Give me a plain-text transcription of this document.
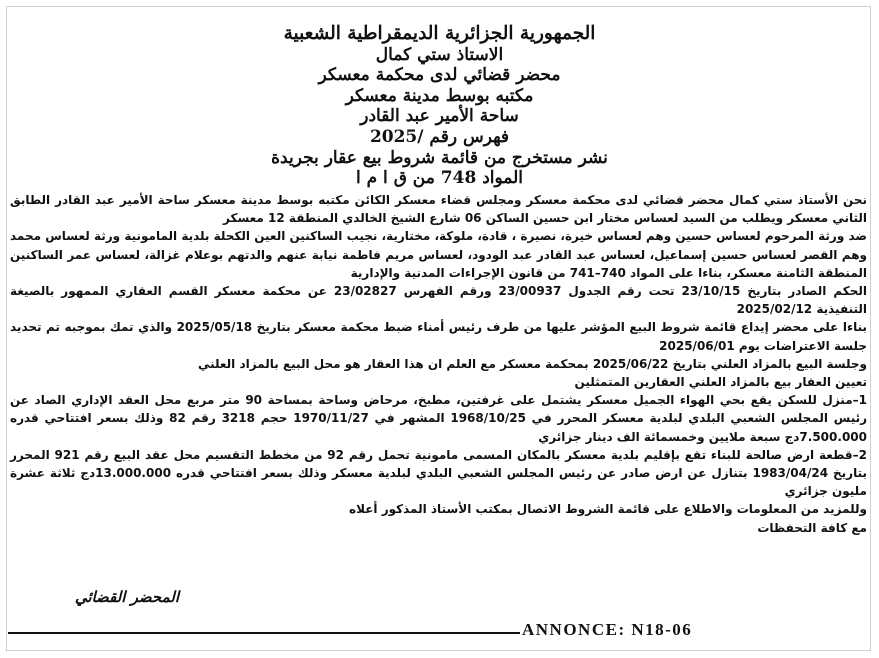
الجمهورية الجزائرية الديمقراطية الشعبية
الاستاذ ستي كمال
محضر قضائي لدى محكمة معسكر
مكتبه بوسط مدينة معسكر
ساحة الأمير عبد القادر
فهرس رقم /2025
نشر مستخرج من قائمة شروط بيع عقار بجريدة
المواد 748 من ق ا م ا

نحن الأستاذ ستي كمال محضر قضائي لدى محكمة معسكر ومجلس قضاء معسكر الكائن مكتبه بوسط مدينة معسكر ساحة الأمير عبد القادر الطابق الثاني معسكر ويطلب من السيد لعساس مختار ابن حسين الساكن 06 شارع الشيخ الخالدي المنطقة 12 معسكر

ضد ورثة المرحوم لعساس حسين وهم لعساس خيرة، نصيرة ، قادة، ملوكة، مختارية، نجيب الساكنين العين الكحلة بلدية المامونية ورثة لعساس محمد وهم القصر لعساس حسين إسماعيل، لعساس عبد القادر عبد الودود، لعساس مريم فاطمة نيابة عنهم والدتهم بوعلام غزالة، لعساس عمر الساكنين المنطقة الثامنة معسكر، بناءا على المواد 740–741 من قانون الإجراءات المدنية والإدارية

الحكم الصادر بتاريخ 23/10/15 تحت رقم الجدول 23/00937 ورقم الفهرس 23/02827 عن محكمة معسكر القسم العقاري الممهور بالصيغة التنفيذية 2025/02/12

بناءا على محضر إيداع قائمة شروط البيع المؤشر عليها من طرف رئيس أمناء ضبط محكمة معسكر بتاريخ 2025/05/18 والذي تمك بموجبه تم تحديد جلسة الاعتراضات يوم 2025/06/01

وجلسة البيع بالمزاد العلني بتاريخ 2025/06/22 بمحكمة معسكر مع العلم ان هذا العقار هو محل البيع بالمزاد العلني

تعيين العقار بيع بالمزاد العلني العقارين المتمثلين

1–منزل للسكن يقع بحي الهواء الجميل معسكر يشتمل على غرفتين، مطبخ، مرحاض وساحة بمساحة 90 متر مربع محل العقد الإداري الصاد عن رئيس المجلس الشعبي البلدي لبلدية معسكر المحرر في 1968/10/25 المشهر في 1970/11/27 حجم 3218 رقم 82 وذلك بسعر افتتاحي قدره 7.500.000دج سبعة ملايين وخمسمائة الف دينار جزائري

2–قطعة ارض صالحة للبناء تقع بإقليم بلدية معسكر بالمكان المسمى مامونية تحمل رقم 92 من مخطط التقسيم محل عقد البيع رقم 921 المحرر بتاريخ 1983/04/24 بتنازل عن ارض صادر عن رئيس المجلس الشعبي البلدي لبلدية معسكر وذلك بسعر افتتاحي قدره 13.000.000دج ثلاثة عشرة مليون جزائري

وللمزيد من المعلومات والاطلاع على قائمة الشروط الاتصال بمكتب الأستاذ المذكور أعلاه

مع كافة التحفظات

المحضر القضائي
ANNONCE: N18-06
